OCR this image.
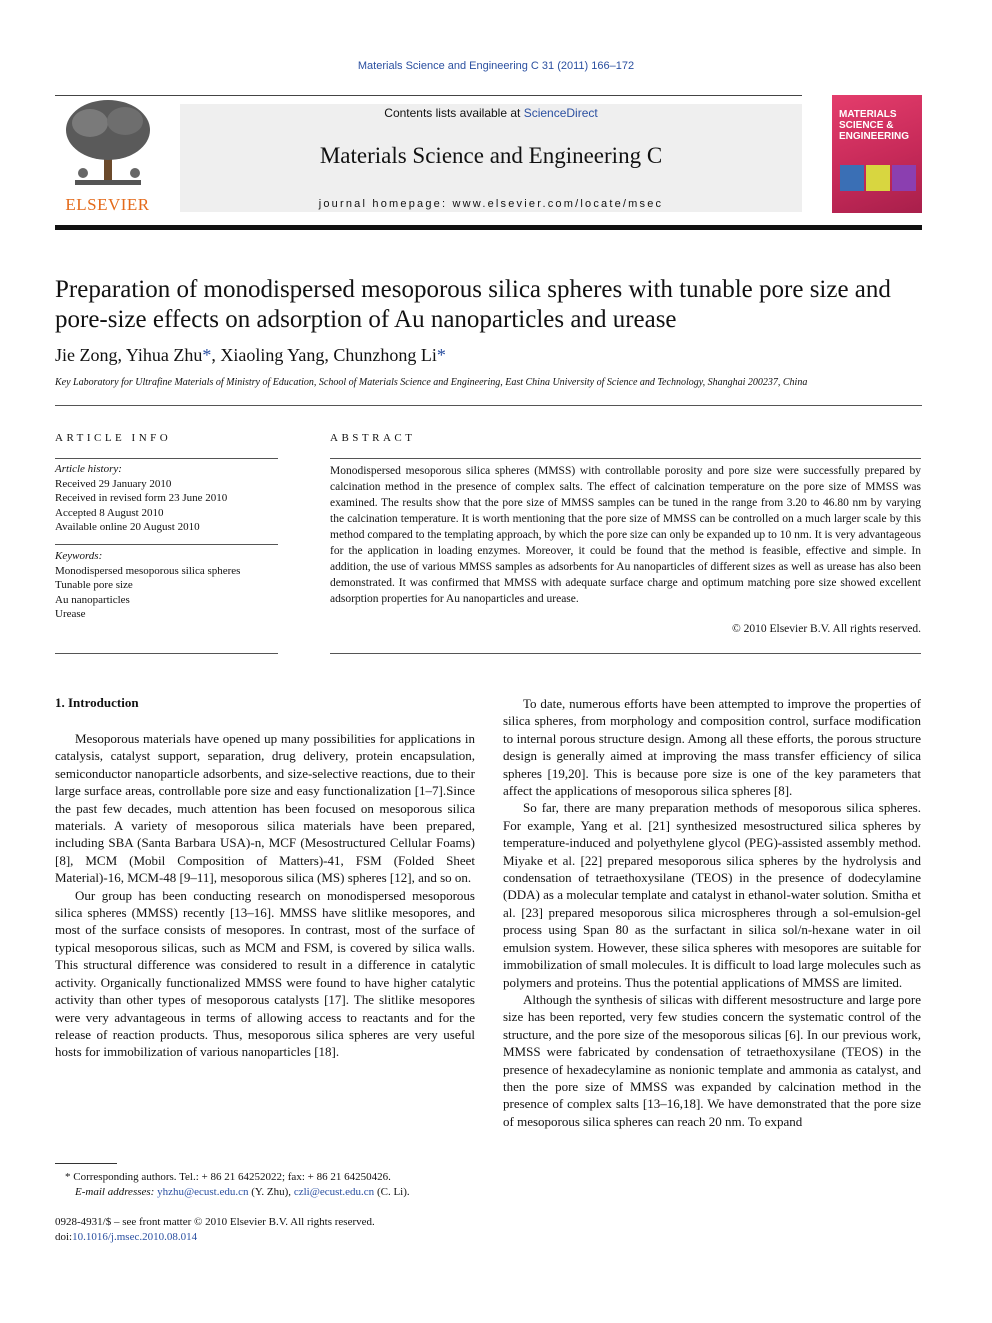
Materials Science and Engineering C 31 (2011) 166–172
ELSEVIER
Contents lists available at ScienceDirect
Materials Science and Engineering C
journal homepage: www.elsevier.com/locate/msec
MATERIALS
SCIENCE &
ENGINEERING
Preparation of monodispersed mesoporous silica spheres with tunable pore size and pore-size effects on adsorption of Au nanoparticles and urease
Jie Zong, Yihua Zhu*, Xiaoling Yang, Chunzhong Li*
Key Laboratory for Ultrafine Materials of Ministry of Education, School of Materials Science and Engineering, East China University of Science and Technology, Shanghai 200237, China
ARTICLE INFO
Article history:
Received 29 January 2010
Received in revised form 23 June 2010
Accepted 8 August 2010
Available online 20 August 2010
Keywords:
Monodispersed mesoporous silica spheres
Tunable pore size
Au nanoparticles
Urease
ABSTRACT
Monodispersed mesoporous silica spheres (MMSS) with controllable porosity and pore size were successfully prepared by calcination method in the presence of complex salts. The effect of calcination temperature on the pore size of MMSS was examined. The results show that the pore size of MMSS samples can be tuned in the range from 3.20 to 46.80 nm by varying the calcination temperature. It is worth mentioning that the pore size of MMSS can be controlled on a much larger scale by this method compared to the templating approach, by which the pore size can only be expanded up to 10 nm. It is very advantageous for the application in loading enzymes. Moreover, it could be found that the method is feasible, effective and simple. In addition, the use of various MMSS samples as adsorbents for Au nanoparticles of different sizes as well as urease has also been demonstrated. It was confirmed that MMSS with adequate surface charge and optimum matching pore size showed excellent adsorption properties for Au nanoparticles and urease.
© 2010 Elsevier B.V. All rights reserved.
1. Introduction

Mesoporous materials have opened up many possibilities for applications in catalysis, catalyst support, separation, drug delivery, protein encapsulation, semiconductor nanoparticle adsorbents, and size-selective reactions, due to their large surface areas, controllable pore size and easy functionalization [1–7].Since the past few decades, much attention has been focused on mesoporous silica materials. A variety of mesoporous silica materials have been prepared, including SBA (Santa Barbara USA)-n, MCF (Mesostructured Cellular Foams) [8], MCM (Mobil Composition of Matters)-41, FSM (Folded Sheet Material)-16, MCM-48 [9–11], mesoporous silica (MS) spheres [12], and so on.

Our group has been conducting research on monodispersed mesoporous silica spheres (MMSS) recently [13–16]. MMSS have slitlike mesopores, and most of the surface consists of mesopores. In contrast, most of the surface of typical mesoporous silicas, such as MCM and FSM, is covered by silica walls. This structural difference was considered to result in a difference in catalytic activity. Organically functionalized MMSS were found to have higher catalytic activity than other types of mesoporous catalysts [17]. The slitlike mesopores were very advantageous in terms of allowing access to reactants and for the release of reaction products. Thus, mesoporous silica spheres are very useful hosts for immobilization of various nanoparticles [18].

To date, numerous efforts have been attempted to improve the properties of silica spheres, from morphology and composition control, surface modification to internal porous structure design. Among all these efforts, the porous structure design is generally aimed at improving the mass transfer efficiency of silica spheres [19,20]. This is because pore size is one of the key parameters that affect the applications of mesoporous silica spheres [8].

So far, there are many preparation methods of mesoporous silica spheres. For example, Yang et al. [21] synthesized mesostructured silica spheres by temperature-induced and polyethylene glycol (PEG)-assisted assembly method. Miyake et al. [22] prepared mesoporous silica spheres by the hydrolysis and condensation of tetraethoxysilane (TEOS) in the presence of dodecylamine (DDA) as a molecular template and catalyst in ethanol-water solution. Smitha et al. [23] prepared mesoporous silica microspheres through a sol-emulsion-gel process using Span 80 as the surfactant in silica sol/n-hexane water in oil emulsion system. However, these silica spheres with mesopores are suitable for immobilization of small molecules. It is difficult to load large molecules such as polymers and proteins. Thus the potential applications of MMSS are limited.

Although the synthesis of silicas with different mesostructure and large pore size has been reported, very few studies concern the systematic control of the structure, and the pore size of the mesoporous silicas [6]. In our previous work, MMSS were fabricated by condensation of tetraethoxysilane (TEOS) in the presence of hexadecylamine as nonionic template and ammonia as catalyst, and then the pore size of MMSS was expanded by calcination method in the presence of complex salts [13–16,18]. We have demonstrated that the pore size of mesoporous silica spheres can reach 20 nm. To expand

* Corresponding authors. Tel.: + 86 21 64252022; fax: + 86 21 64250426.
E-mail addresses: yhzhu@ecust.edu.cn (Y. Zhu), czli@ecust.edu.cn (C. Li).
0928-4931/$ – see front matter © 2010 Elsevier B.V. All rights reserved.
doi:10.1016/j.msec.2010.08.014
